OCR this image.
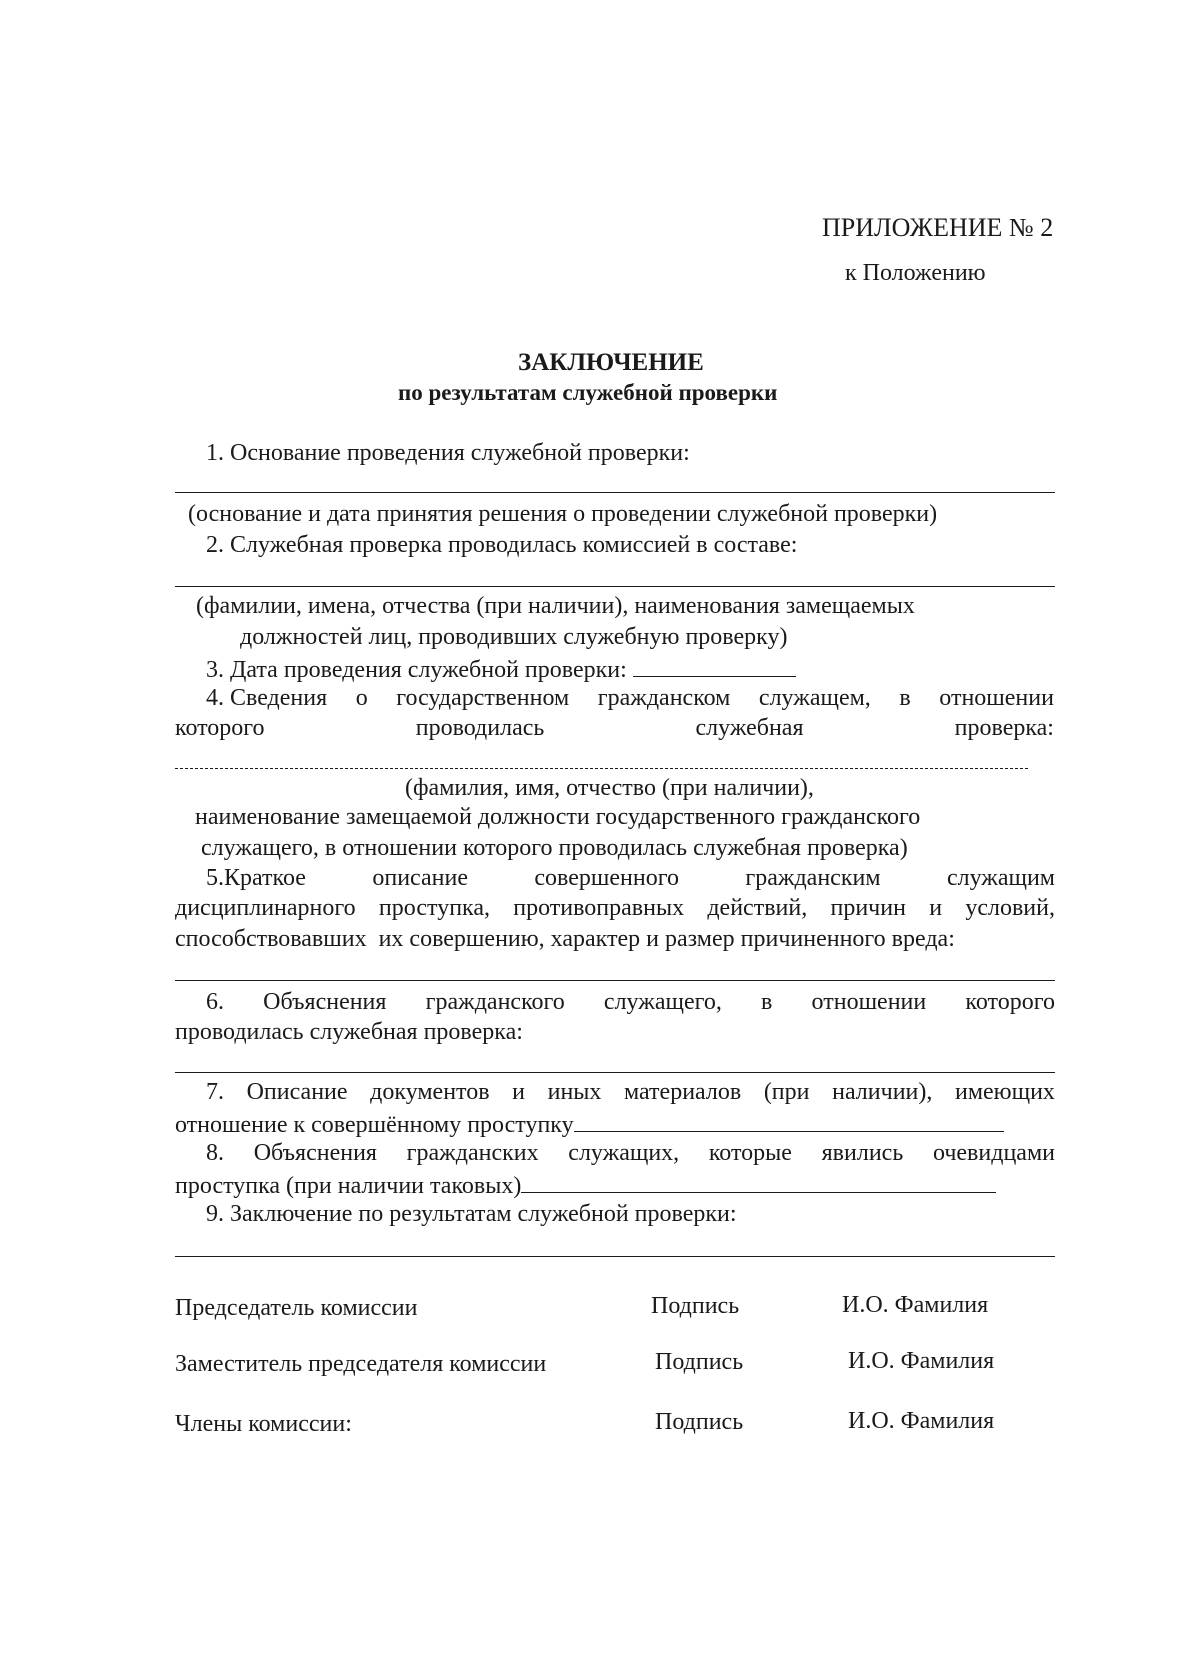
ПРИЛОЖЕНИЕ № 2
к Положению
ЗАКЛЮЧЕНИЕ
по результатам служебной проверки
1. Основание проведения служебной проверки:
(основание и дата принятия решения о проведении служебной проверки)
2. Служебная проверка проводилась комиссией в составе:
(фамилии, имена, отчества (при наличии), наименования замещаемых
должностей лиц, проводивших служебную проверку)
3. Дата проведения служебной проверки:
4. Сведения о государственном гражданском служащем, в отношении
которого	проводилась	служебная	проверка:
(фамилия, имя, отчество (при наличии),
наименование замещаемой должности государственного гражданского
служащего, в отношении которого проводилась служебная проверка)
5.Краткое	описание	совершенного	гражданским	служащим
дисциплинарного проступка, противоправных действий, причин и условий,
способствовавших  их совершению, характер и размер причиненного вреда:
6. Объяснения гражданского служащего, в отношении которого
проводилась служебная проверка:
7. Описание документов и иных материалов (при наличии), имеющих
отношение к совершённому проступку
8. Объяснения гражданских служащих, которые явились очевидцами
проступка (при наличии таковых)
9. Заключение по результатам служебной проверки:
Председатель комиссии	Подпись	И.О. Фамилия
Заместитель председателя комиссии	Подпись	И.О. Фамилия
Члены комиссии:	Подпись	И.О. Фамилия
